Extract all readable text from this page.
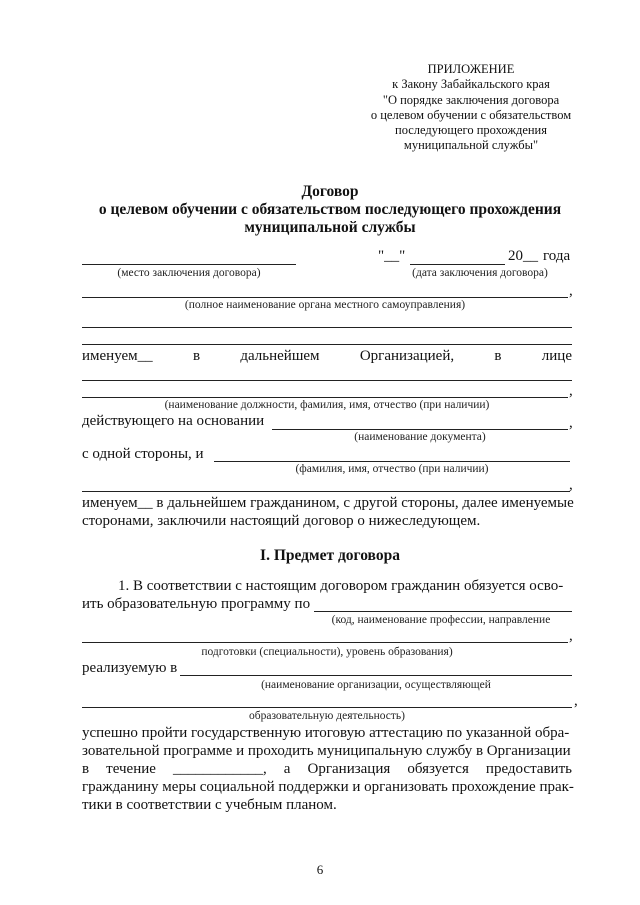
ПРИЛОЖЕНИЕ
к Закону Забайкальского края
"О порядке заключения договора
о целевом обучении с обязательством
последующего прохождения
муниципальной службы"
Договор
о целевом обучении с обязательством последующего прохождения
муниципальной службы
"__"	20__ года
(место заключения договора)	(дата заключения договора)
,
(полное наименование органа местного самоуправления)
именуем__	в	дальнейшем	Организацией,	в	лице
,
(наименование должности, фамилия, имя, отчество (при наличии)
действующего на основании	,
(наименование документа)
с одной стороны, и
(фамилия, имя, отчество (при наличии)
,
именуем__ в дальнейшем гражданином, с другой стороны, далее именуемые
сторонами, заключили настоящий договор о нижеследующем.
I. Предмет договора
1. В соответствии с настоящим договором гражданин обязуется осво-
ить образовательную программу по
(код, наименование профессии, направление
,
подготовки (специальности), уровень образования)
реализуемую в
(наименование организации, осуществляющей
,
образовательную деятельность)
успешно пройти государственную итоговую аттестацию по указанной обра-
зовательной программе и проходить муниципальную службу в Организации
в течение ____________, а Организация обязуется предоставить
гражданину меры социальной поддержки и организовать прохождение прак-
тики в соответствии с учебным планом.
6
